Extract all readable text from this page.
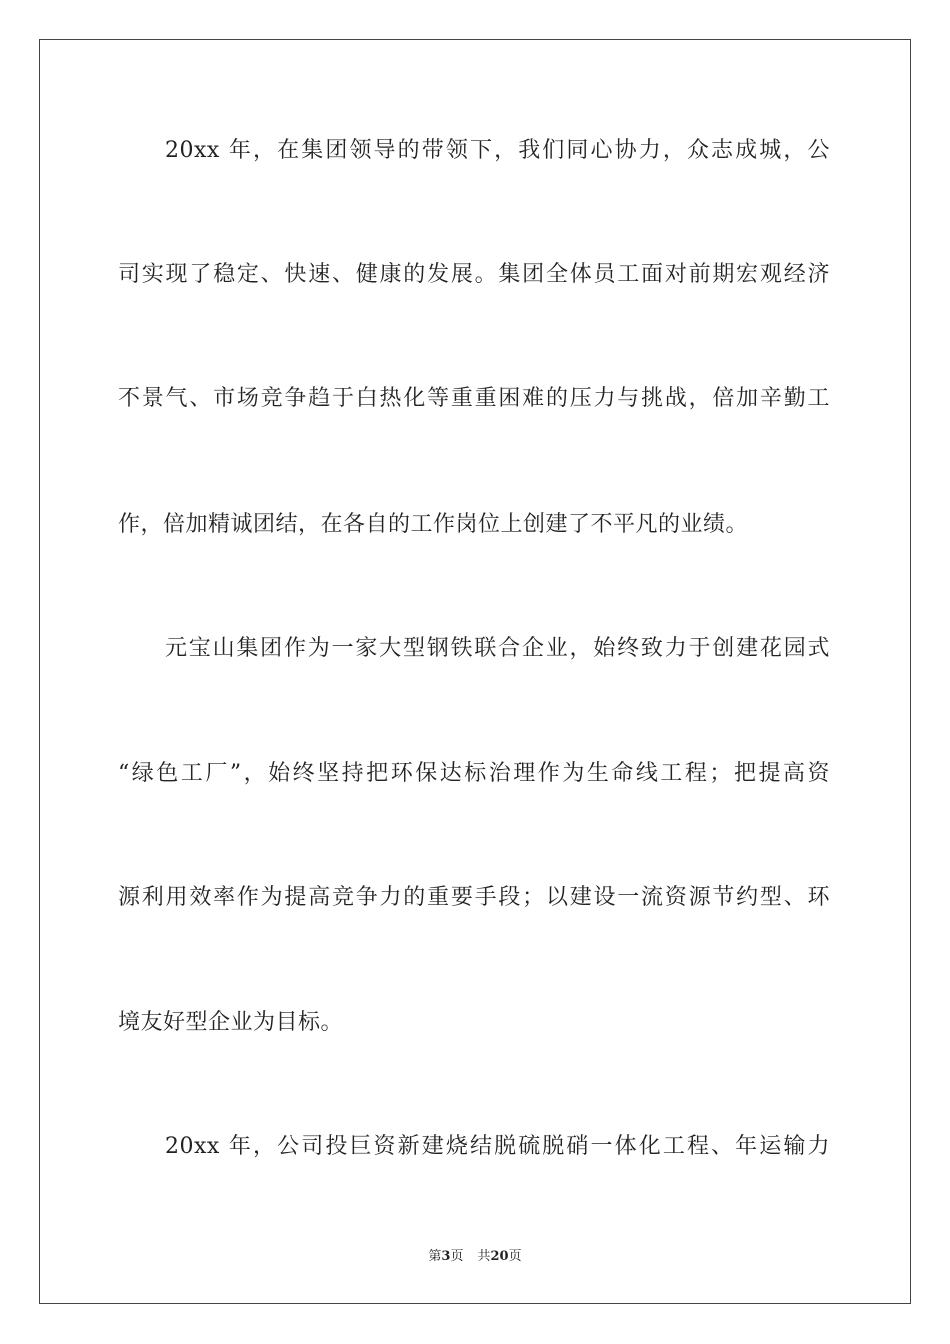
20xx 年，在集团领导的带领下，我们同心协力，众志成城，公
司实现了稳定、快速、健康的发展。集团全体员工面对前期宏观经济
不景气、市场竞争趋于白热化等重重困难的压力与挑战，倍加辛勤工
作，倍加精诚团结，在各自的工作岗位上创建了不平凡的业绩。
元宝山集团作为一家大型钢铁联合企业，始终致力于创建花园式
“绿色工厂”，始终坚持把环保达标治理作为生命线工程；把提高资
源利用效率作为提高竞争力的重要手段；以建设一流资源节约型、环
境友好型企业为目标。
20xx 年，公司投巨资新建烧结脱硫脱硝一体化工程、年运输力
第3页 共20页
